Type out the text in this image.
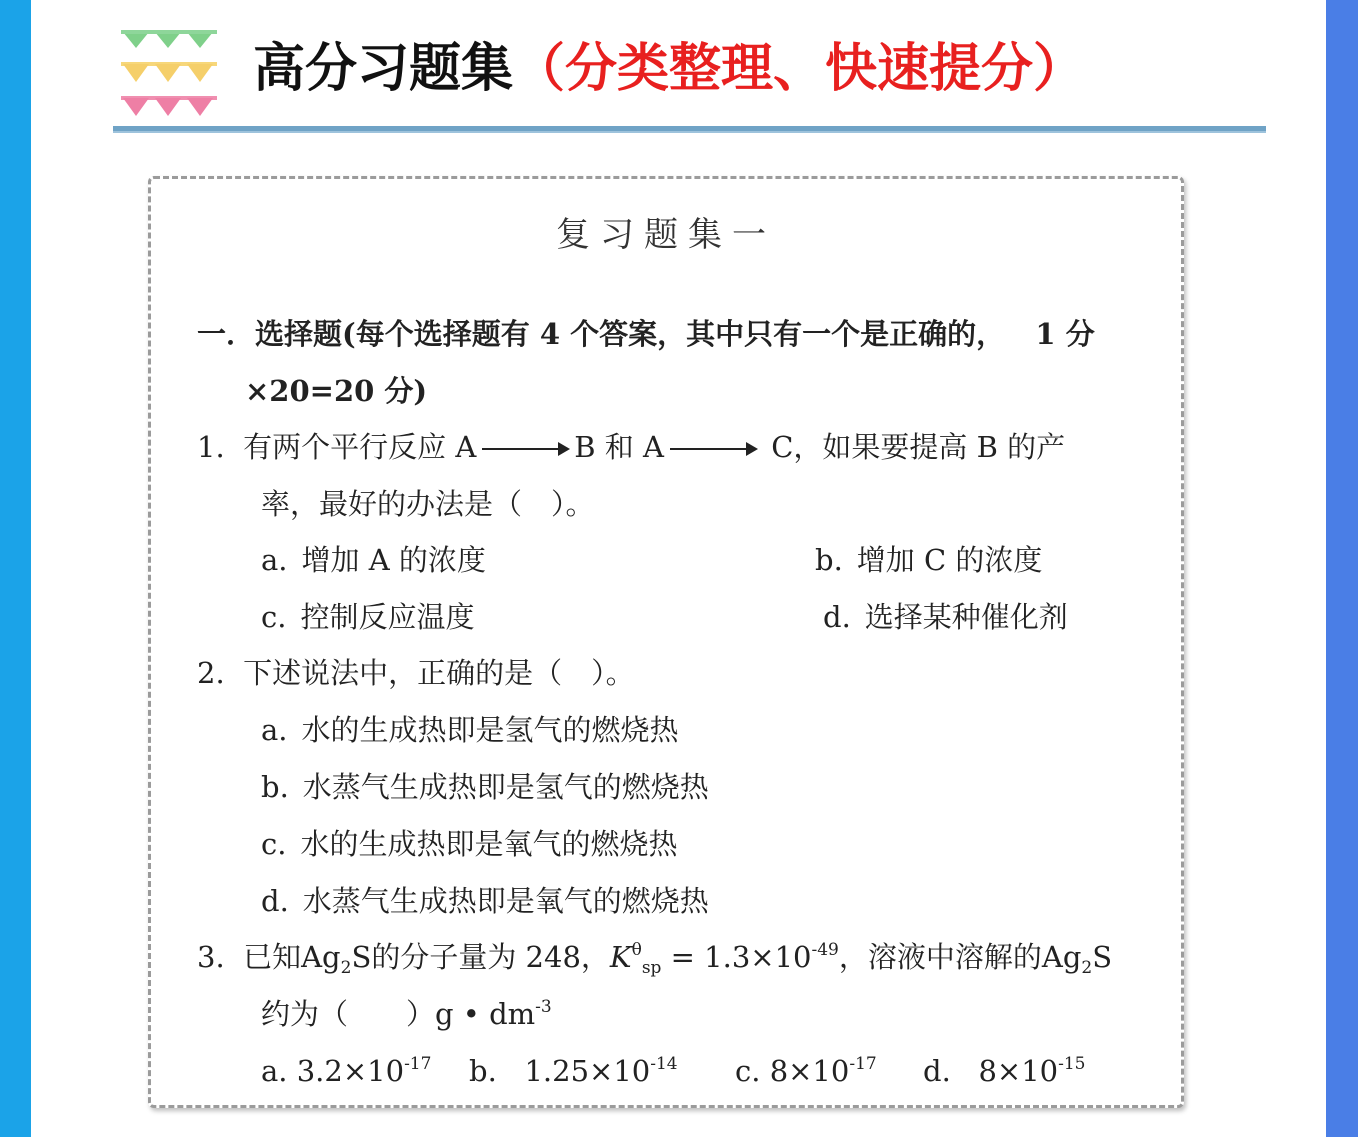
高分习题集（分类整理、快速提分）
复习题集一
一．选择题(每个选择题有 4 个答案，其中只有一个是正确的， 1 分
×20=20 分)
1. 有两个平行反应 A → B 和 A → C，如果要提高 B 的产
率，最好的办法是（　）。
a. 增加 A 的浓度	b. 增加 C 的浓度
c. 控制反应温度	d. 选择某种催化剂
2. 下述说法中，正确的是（　）。
a. 水的生成热即是氢气的燃烧热
b. 水蒸气生成热即是氢气的燃烧热
c. 水的生成热即是氧气的燃烧热
d. 水蒸气生成热即是氧气的燃烧热
3. 已知$Ag_2S$的分子量为 248，$K^\theta_{sp} = 1.3\times 10^{-49}$，溶液中溶解的$Ag_2S$
约为（　　）g • $dm^{-3}$
a. $3.2\times 10^{-17}$ b. $1.25\times 10^{-14}$ c. $8\times 10^{-17}$ d. $8\times 10^{-15}$
